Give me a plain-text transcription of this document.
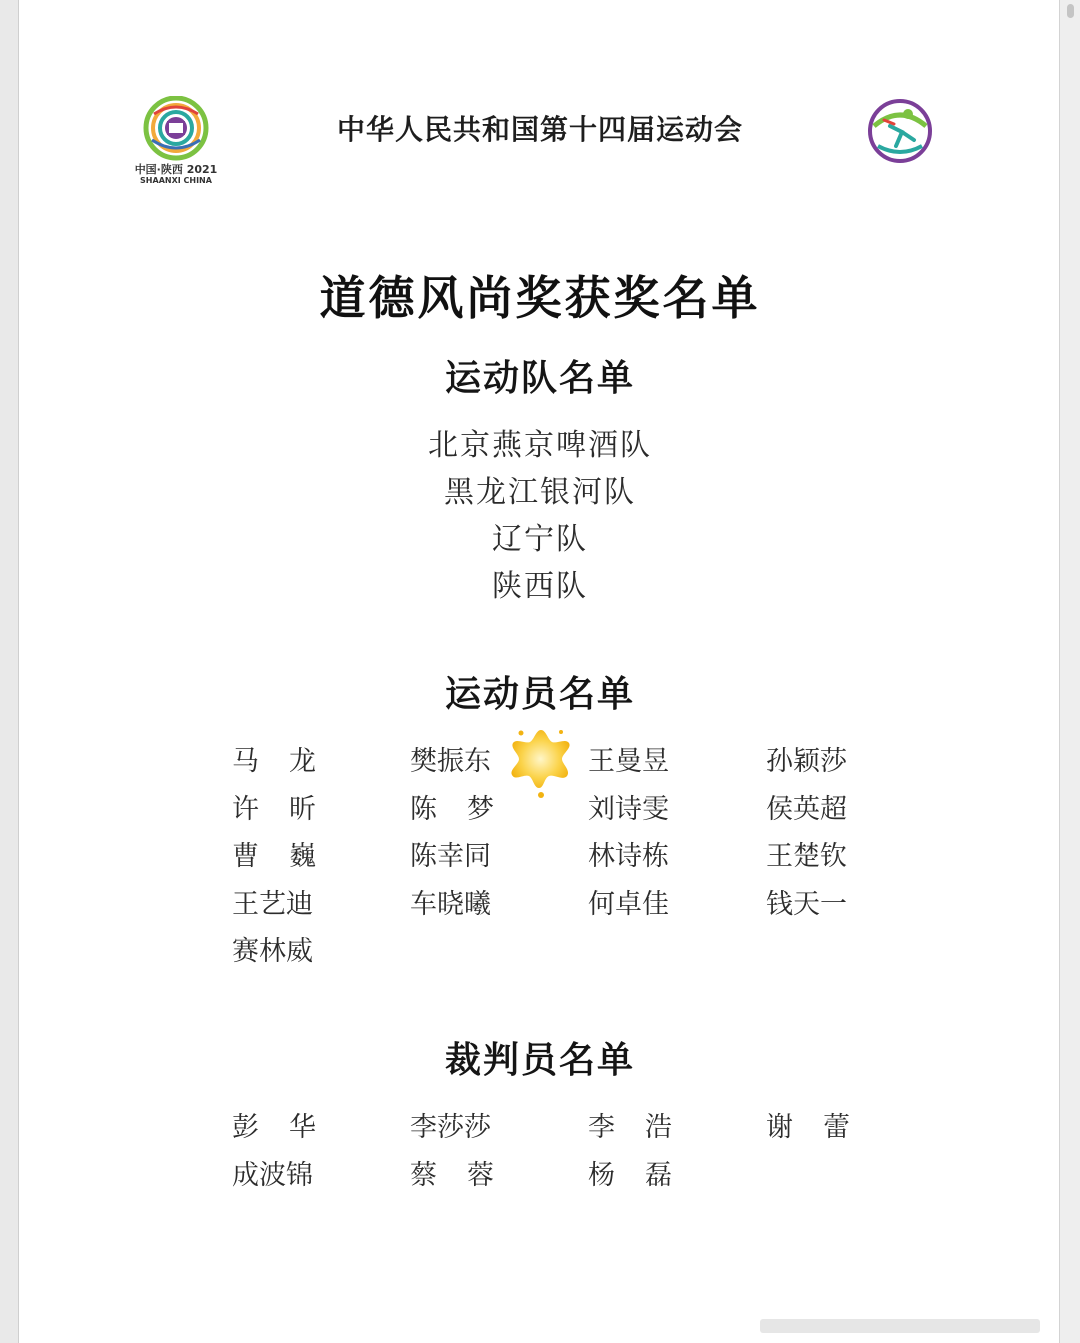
中国·陕西 2021
SHAANXI CHINA
中华人民共和国第十四届运动会
道德风尚奖获奖名单
运动队名单
北京燕京啤酒队
黑龙江银河队
辽宁队
陕西队
运动员名单
马 龙	樊振东	王曼昱	孙颖莎
许 昕	陈 梦	刘诗雯	侯英超
曹 巍	陈幸同	林诗栋	王楚钦
王艺迪	车晓曦	何卓佳	钱天一
赛林威
裁判员名单
彭 华	李莎莎	李 浩	谢 蕾
成波锦	蔡 蓉	杨 磊
